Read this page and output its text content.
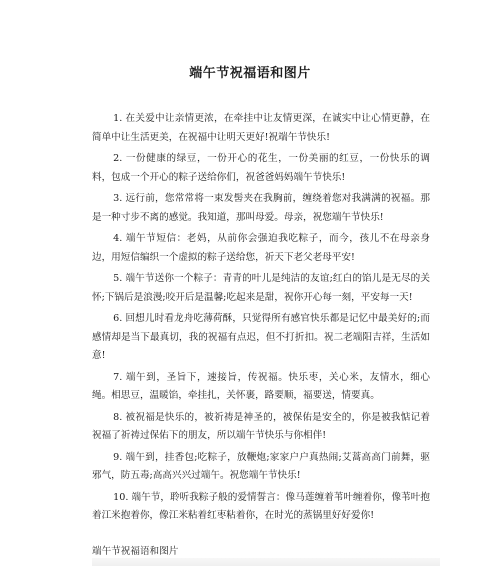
端午节祝福语和图片

1. 在关爱中让亲情更浓，在牵挂中让友情更深，在诚实中让心情更静，在简单中让生活更美，在祝福中让明天更好!祝端午节快乐!

2. 一份健康的绿豆，一份开心的花生，一份美丽的红豆，一份快乐的调料，包成一个开心的粽子送给你们，祝爸爸妈妈端午节快乐!

3. 远行前，您常常将一束发髻夹在我胸前，缠绕着您对我满满的祝福。那是一种寸步不离的感觉。我知道，那叫母爱。母亲，祝您端午节快乐!

4. 端午节短信：老妈，从前你会强迫我吃粽子，而今，孩儿不在母亲身边，用短信编织一个虚拟的粽子送给您，祈天下老父老母平安!

5. 端午节送你一个粽子：青青的叶儿是纯洁的友谊;红白的馅儿是无尽的关怀;下锅后是浪漫;咬开后是温馨;吃起来是甜，祝你开心每一刻，平安每一天!

6. 回想儿时看龙舟吃薄荷酥，只觉得所有感官快乐都是记忆中最美好的;而感情却是当下最真切，我的祝福有点迟，但不打折扣。祝二老端阳吉祥，生活如意!

7. 端午到，圣旨下，速接旨，传祝福。快乐枣，关心米，友情水，细心绳。相思豆，温暖馅，牵挂扎，关怀裹，路要顺，福要送，情要真。

8. 被祝福是快乐的，被祈祷是神圣的，被保佑是安全的，你是被我惦记着祝福了祈祷过保佑下的朋友，所以端午节快乐与你相伴!

9. 端午到，挂香包;吃粽子，放鞭炮;家家户户真热闹;艾蒿高高门前舞，驱邪气，防五毒;高高兴兴过端午。祝您端午节快乐!

10. 端午节，聆听我粽子般的爱情誓言：像马莲缠着苇叶缠着你，像苇叶抱着江米抱着你，像江米粘着红枣粘着你，在时光的蒸锅里好好爱你!

端午节祝福语和图片
